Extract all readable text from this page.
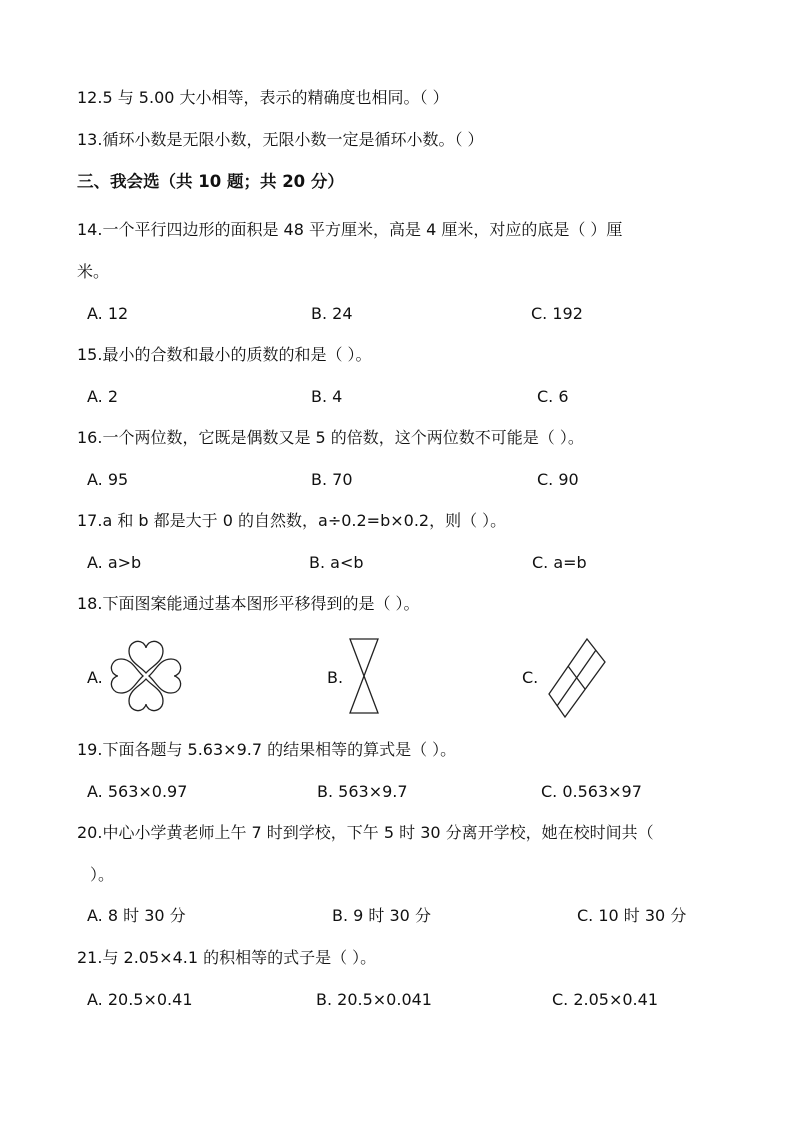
12.5 与 5.00 大小相等，表示的精确度也相同。（ ）
13.循环小数是无限小数，无限小数一定是循环小数。（ ）
三、我会选（共 10 题；共 20 分）
14.一个平行四边形的面积是 48 平方厘米，高是 4 厘米，对应的底是（ ）厘
米。
A. 12	B. 24	C. 192
15.最小的合数和最小的质数的和是（ ）。
A. 2	B. 4	C. 6
16.一个两位数，它既是偶数又是 5 的倍数，这个两位数不可能是（ ）。
A. 95	B. 70	C. 90
17.a 和 b 都是大于 0 的自然数，a÷0.2=b×0.2，则（ ）。
A. a>b	B. a<b	C. a=b
18.下面图案能通过基本图形平移得到的是（ ）。
A.	B.	C.
19.下面各题与 5.63×9.7 的结果相等的算式是（ ）。
A. 563×0.97	B. 563×9.7	C. 0.563×97
20.中心小学黄老师上午 7 时到学校，下午 5 时 30 分离开学校，她在校时间共（
）。
A. 8 时 30 分	B. 9 时 30 分	C. 10 时 30 分
21.与 2.05×4.1 的积相等的式子是（ ）。
A. 20.5×0.41	B. 20.5×0.041	C. 2.05×0.41
